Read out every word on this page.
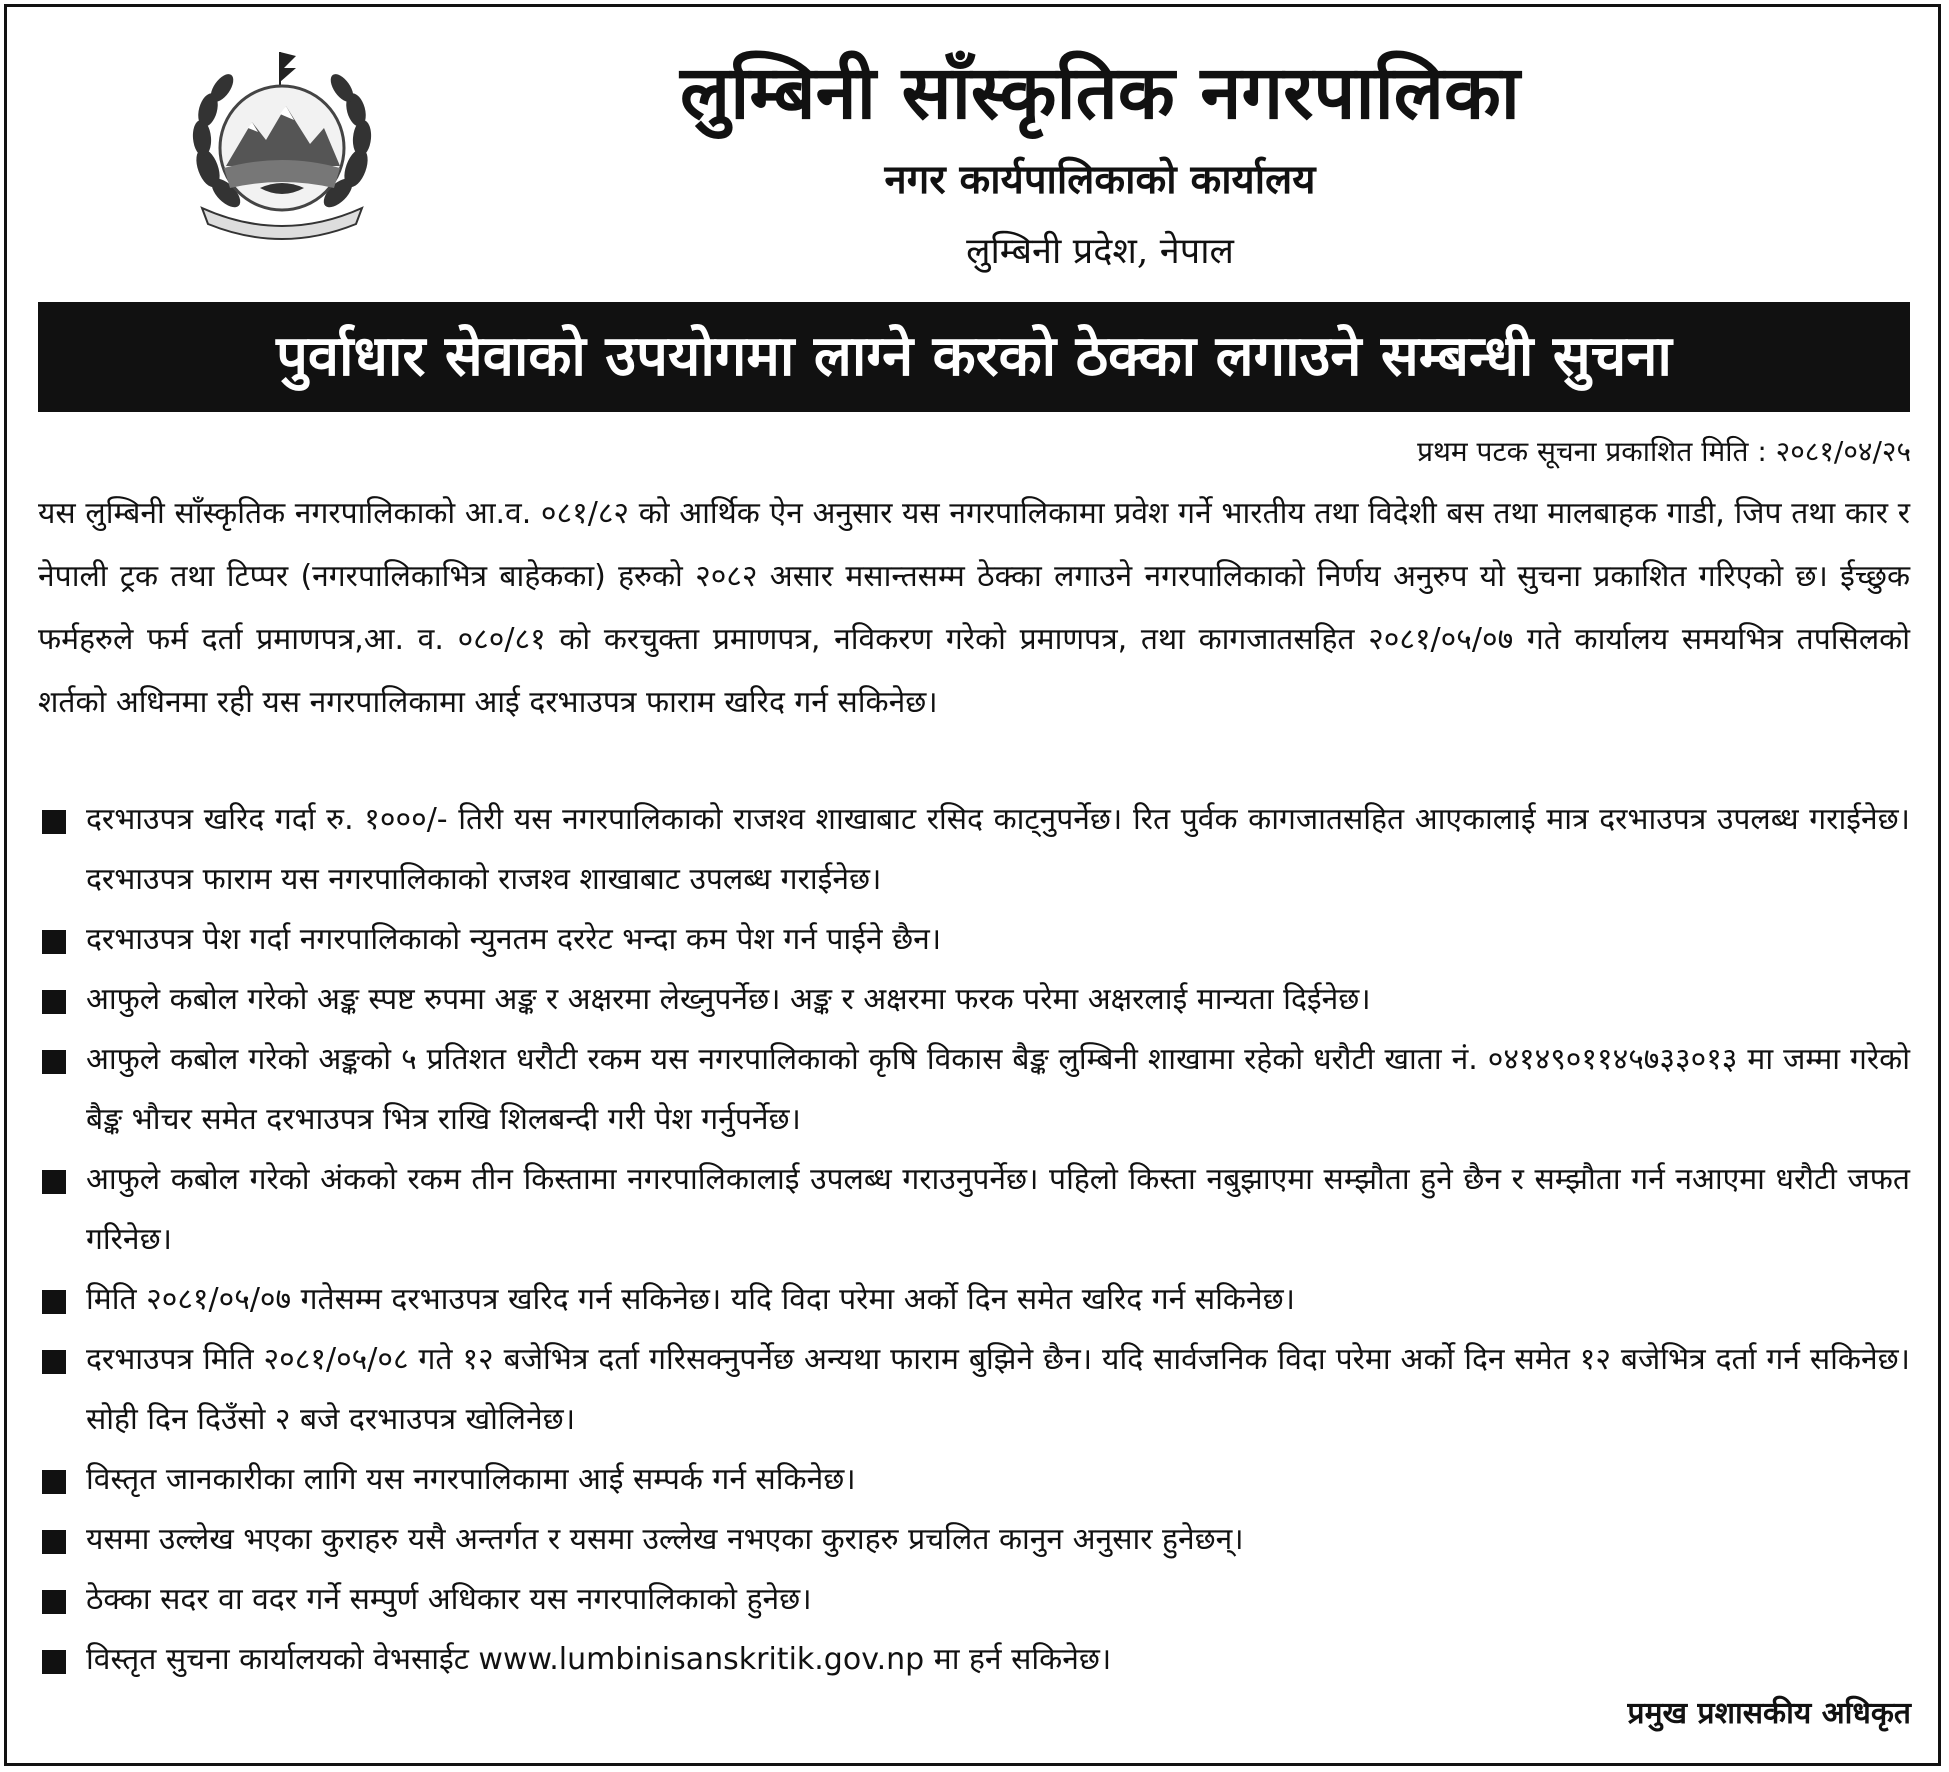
लुम्बिनी साँस्कृतिक नगरपालिका
नगर कार्यपालिकाको कार्यालय
लुम्बिनी प्रदेश, नेपाल
पुर्वाधार सेवाको उपयोगमा लाग्ने करको ठेक्का लगाउने सम्बन्धी सुचना
प्रथम पटक सूचना प्रकाशित मिति : २०८१/०४/२५

यस लुम्बिनी साँस्कृतिक नगरपालिकाको आ.व. ०८१/८२ को आर्थिक ऐन अनुसार यस नगरपालिकामा प्रवेश गर्ने भारतीय तथा विदेशी बस तथा मालबाहक गाडी, जिप तथा कार र नेपाली ट्रक तथा टिप्पर (नगरपालिकाभित्र बाहेकका) हरुको २०८२ असार मसान्तसम्म ठेक्का लगाउने नगरपालिकाको निर्णय अनुरुप यो सुचना प्रकाशित गरिएको छ। ईच्छुक फर्महरुले फर्म दर्ता प्रमाणपत्र,आ. व. ०८०/८१ को करचुक्ता प्रमाणपत्र, नविकरण गरेको प्रमाणपत्र, तथा कागजातसहित २०८१/०५/०७ गते कार्यालय समयभित्र तपसिलको शर्तको अधिनमा रही यस नगरपालिकामा आई दरभाउपत्र फाराम खरिद गर्न सकिनेछ।

दरभाउपत्र खरिद गर्दा रु. १०००/- तिरी यस नगरपालिकाको राजश्व शाखाबाट रसिद काट्नुपर्नेछ। रित पुर्वक कागजातसहित आएकालाई मात्र दरभाउपत्र उपलब्ध गराईनेछ। दरभाउपत्र फाराम यस नगरपालिकाको राजश्व शाखाबाट उपलब्ध गराईनेछ।
दरभाउपत्र पेश गर्दा नगरपालिकाको न्युनतम दररेट भन्दा कम पेश गर्न पाईने छैन।
आफुले कबोल गरेको अङ्क स्पष्ट रुपमा अङ्क र अक्षरमा लेख्नुपर्नेछ। अङ्क र अक्षरमा फरक परेमा अक्षरलाई मान्यता दिईनेछ।
आफुले कबोल गरेको अङ्कको ५ प्रतिशत धरौटी रकम यस नगरपालिकाको कृषि विकास बैङ्क लुम्बिनी शाखामा रहेको धरौटी खाता नं. ०४१४९०११४५७३३०१३ मा जम्मा गरेको बैङ्क भौचर समेत दरभाउपत्र भित्र राखि शिलबन्दी गरी पेश गर्नुपर्नेछ।
आफुले कबोल गरेको अंकको रकम तीन किस्तामा नगरपालिकालाई उपलब्ध गराउनुपर्नेछ। पहिलो किस्ता नबुझाएमा सम्झौता हुने छैन र सम्झौता गर्न नआएमा धरौटी जफत गरिनेछ।
मिति २०८१/०५/०७ गतेसम्म दरभाउपत्र खरिद गर्न सकिनेछ। यदि विदा परेमा अर्को दिन समेत खरिद गर्न सकिनेछ।
दरभाउपत्र मिति २०८१/०५/०८ गते १२ बजेभित्र दर्ता गरिसक्नुपर्नेछ अन्यथा फाराम बुझिने छैन। यदि सार्वजनिक विदा परेमा अर्को दिन समेत १२ बजेभित्र दर्ता गर्न सकिनेछ। सोही दिन दिउँसो २ बजे दरभाउपत्र खोलिनेछ।
विस्तृत जानकारीका लागि यस नगरपालिकामा आई सम्पर्क गर्न सकिनेछ।
यसमा उल्लेख भएका कुराहरु यसै अन्तर्गत र यसमा उल्लेख नभएका कुराहरु प्रचलित कानुन अनुसार हुनेछन्।
ठेक्का सदर वा वदर गर्ने सम्पुर्ण अधिकार यस नगरपालिकाको हुनेछ।
विस्तृत सुचना कार्यालयको वेभसाईट www.lumbinisanskritik.gov.np मा हर्न सकिनेछ।
प्रमुख प्रशासकीय अधिकृत
